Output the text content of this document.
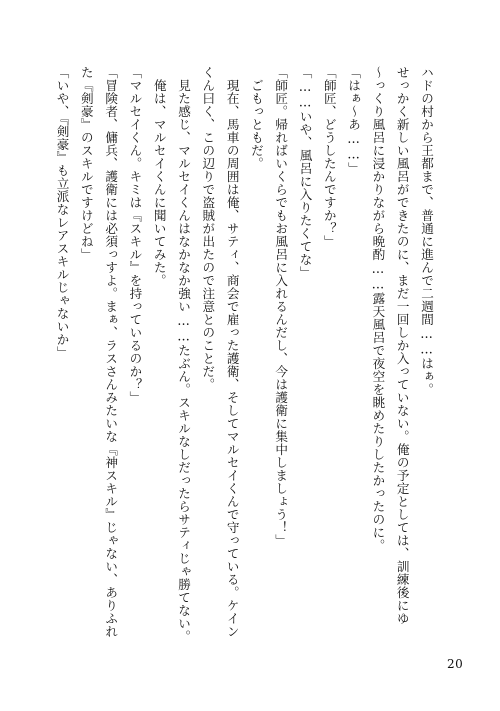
ハドの村から王都まで、普通に進んで二週間……はぁ。
せっかく新しい風呂ができたのに、まだ一回しか入っていない。俺の予定としては、訓練後にゆ
～っくり風呂に浸かりながら晩酌……露天風呂で夜空を眺めたりしたかったのに。
「はぁ～あ……」
「師匠、どうしたんですか？」
「……いや、風呂に入りたくてな」
「師匠。帰ればいくらでもお風呂に入れるんだし、今は護衛に集中しましょう！」
　ごもっともだ。
　現在、馬車の周囲は俺、サティ、商会で雇った護衛、そしてマルセイくんで守っている。ケイン
くん曰く、この辺りで盗賊が出たので注意とのことだ。
　見た感じ、マルセイくんはなかなか強い……たぶん。スキルなしだったらサティじゃ勝てない。
　俺は、マルセイくんに聞いてみた。
「マルセイくん。キミは『スキル』を持っているのか？」
「冒険者、傭兵、護衛には必須っすよ。まぁ、ラスさんみたいな『神スキル』じゃない、ありふれ
た『剣豪』のスキルですけどね」
「いや、『剣豪』も立派なレアスキルじゃないか」
20
